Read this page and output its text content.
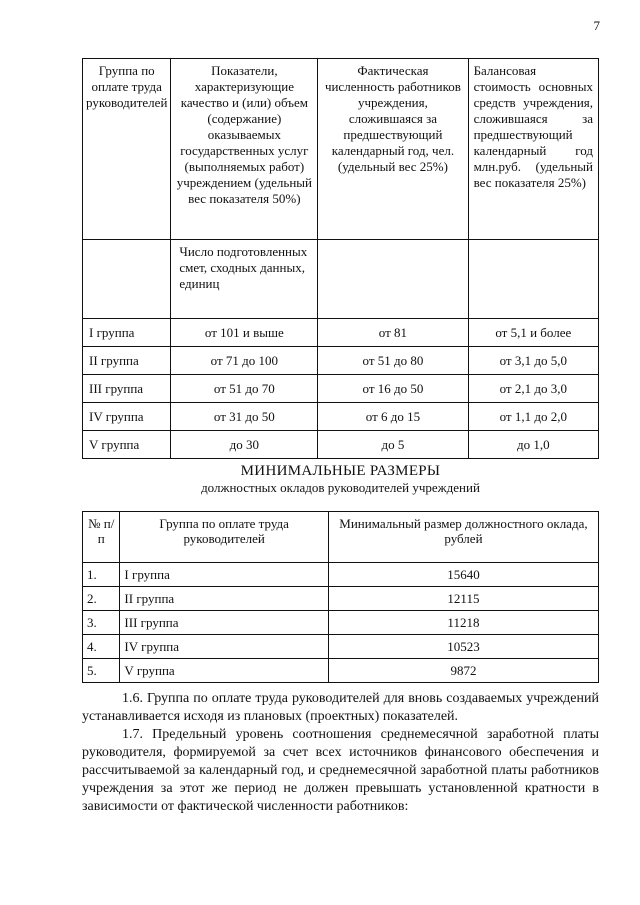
7
Группа по оплате труда руководителей	Показатели, характеризующие качество и (или) объем (содержание) оказываемых государственных услуг (выполняемых работ) учреждением (удельный вес показателя 50%)	Фактическая численность работников учреждения, сложившаяся за предшествующий календарный год, чел. (удельный вес 25%)	Балансовая стоимость основных средств учреждения, сложившаяся за предшествующий календарный год млн.руб. (удельный вес показателя 25%)
	Число подготовленных смет, сходных данных, единиц		
I группа	от 101 и выше	от 81	от 5,1 и более
II группа	от 71 до 100	от 51 до 80	от 3,1 до 5,0
III группа	от 51 до 70	от 16 до 50	от 2,1 до 3,0
IV группа	от 31 до 50	от 6 до 15	от 1,1 до 2,0
V группа	до 30	до 5	до 1,0
МИНИМАЛЬНЫЕ РАЗМЕРЫ
должностных окладов руководителей учреждений
№ п/п	Группа по оплате труда руководителей	Минимальный размер должностного оклада, рублей
1.	I группа	15640
2.	II группа	12115
3.	III группа	11218
4.	IV группа	10523
5.	V группа	9872

1.6. Группа по оплате труда руководителей для вновь создаваемых учреждений устанавливается исходя из плановых (проектных) показателей.

1.7. Предельный уровень соотношения среднемесячной заработной платы руководителя, формируемой за счет всех источников финансового обеспечения и рассчитываемой за календарный год, и среднемесячной заработной платы работников учреждения за этот же период не должен превышать установленной кратности в зависимости от фактической численности работников:
